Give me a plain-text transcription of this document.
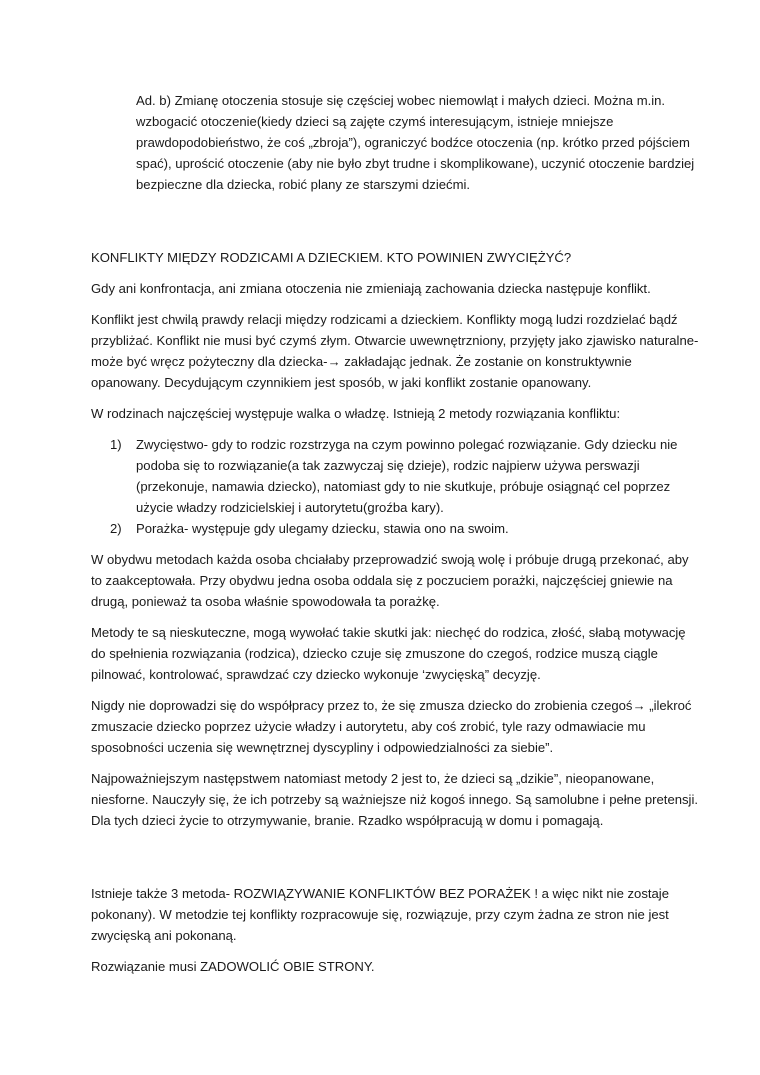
Ad. b) Zmianę otoczenia stosuje się częściej wobec niemowląt i małych dzieci. Można m.in. wzbogacić otoczenie(kiedy dzieci są zajęte czymś interesującym, istnieje mniejsze prawdopodobieństwo, że coś „zbroja”), ograniczyć bodźce otoczenia (np. krótko przed pójściem spać), uprościć otoczenie (aby nie było zbyt trudne i skomplikowane), uczynić otoczenie bardziej bezpieczne dla dziecka, robić plany ze starszymi dziećmi.

KONFLIKTY MIĘDZY RODZICAMI A DZIECKIEM. KTO POWINIEN ZWYCIĘŻYĆ?

Gdy ani konfrontacja, ani zmiana otoczenia nie zmieniają zachowania dziecka następuje konflikt.

Konflikt jest chwilą prawdy relacji między rodzicami a dzieckiem. Konflikty mogą ludzi rozdzielać bądź przybliżać. Konflikt nie musi być czymś złym. Otwarcie uwewnętrzniony, przyjęty jako zjawisko naturalne- może być wręcz pożyteczny dla dziecka-→ zakładając jednak. Że zostanie on konstruktywnie opanowany. Decydującym czynnikiem jest sposób, w jaki konflikt zostanie opanowany.

W rodzinach najczęściej występuje walka o władzę. Istnieją 2 metody rozwiązania konfliktu:

1) Zwycięstwo- gdy to rodzic rozstrzyga na czym powinno polegać rozwiązanie. Gdy dziecku nie podoba się to rozwiązanie(a tak zazwyczaj się dzieje), rodzic najpierw używa perswazji (przekonuje, namawia dziecko), natomiast gdy to nie skutkuje, próbuje osiągnąć cel poprzez użycie władzy rodzicielskiej i autorytetu(groźba kary).
2) Porażka- występuje gdy ulegamy dziecku, stawia ono na swoim.

W obydwu metodach każda osoba chciałaby przeprowadzić swoją wolę i próbuje drugą przekonać, aby to zaakceptowała. Przy obydwu jedna osoba oddala się z poczuciem porażki, najczęściej gniewie na drugą, ponieważ ta osoba właśnie spowodowała ta porażkę.

Metody te są nieskuteczne, mogą wywołać takie skutki jak: niechęć do rodzica, złość, słabą motywację do spełnienia rozwiązania (rodzica), dziecko czuje się zmuszone do czegoś, rodzice muszą ciągle pilnować, kontrolować, sprawdzać czy dziecko wykonuje ‘zwycięską” decyzję.

Nigdy nie doprowadzi się do współpracy przez to, że się zmusza dziecko do zrobienia czegoś→ „ilekroć zmuszacie dziecko poprzez użycie władzy i autorytetu, aby coś zrobić, tyle razy odmawiacie mu sposobności uczenia się wewnętrznej dyscypliny i odpowiedzialności za siebie”.

Najpoważniejszym następstwem natomiast metody 2 jest to, że dzieci są „dzikie”, nieopanowane, niesforne. Nauczyły się, że ich potrzeby są ważniejsze niż kogoś innego. Są samolubne i pełne pretensji. Dla tych dzieci życie to otrzymywanie, branie. Rzadko współpracują w domu i pomagają.

Istnieje także 3 metoda- ROZWIĄZYWANIE KONFLIKTÓW BEZ PORAŻEK ! a więc nikt nie zostaje pokonany). W metodzie tej konflikty rozpracowuje się, rozwiązuje, przy czym żadna ze stron nie jest zwycięską ani pokonaną.

Rozwiązanie musi ZADOWOLIĆ OBIE STRONY.
